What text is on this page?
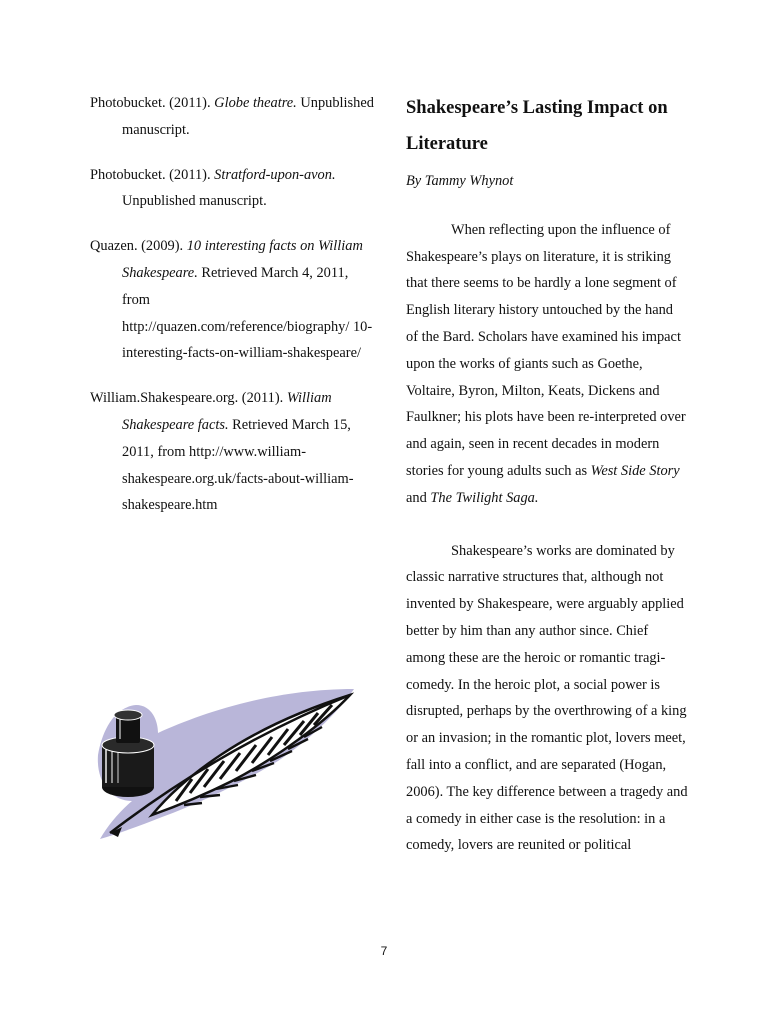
Photobucket. (2011). Globe theatre. Unpublished manuscript.

Photobucket. (2011). Stratford-upon-avon. Unpublished manuscript.

Quazen. (2009). 10 interesting facts on William Shakespeare. Retrieved March 4, 2011, from http://quazen.com/reference/biography/ 10-interesting-facts-on-william-shakespeare/

William.Shakespeare.org. (2011). William Shakespeare facts. Retrieved March 15, 2011, from http://www.william-shakespeare.org.uk/facts-about-william-shakespeare.htm

Shakespeare’s Lasting Impact on Literature

By Tammy Whynot

When reflecting upon the influence of Shakespeare’s plays on literature, it is striking that there seems to be hardly a lone segment of English literary history untouched by the hand of the Bard. Scholars have examined his impact upon the works of giants such as Goethe, Voltaire, Byron, Milton, Keats, Dickens and Faulkner; his plots have been re-interpreted over and again, seen in recent decades in modern stories for young adults such as West Side Story and The Twilight Saga.

Shakespeare’s works are dominated by classic narrative structures that, although not invented by Shakespeare, were arguably applied better by him than any author since. Chief among these are the heroic or romantic tragi-comedy. In the heroic plot, a social power is disrupted, perhaps by the overthrowing of a king or an invasion; in the romantic plot, lovers meet, fall into a conflict, and are separated (Hogan, 2006). The key difference between a tragedy and a comedy in either case is the resolution: in a comedy, lovers are reunited or political

7
